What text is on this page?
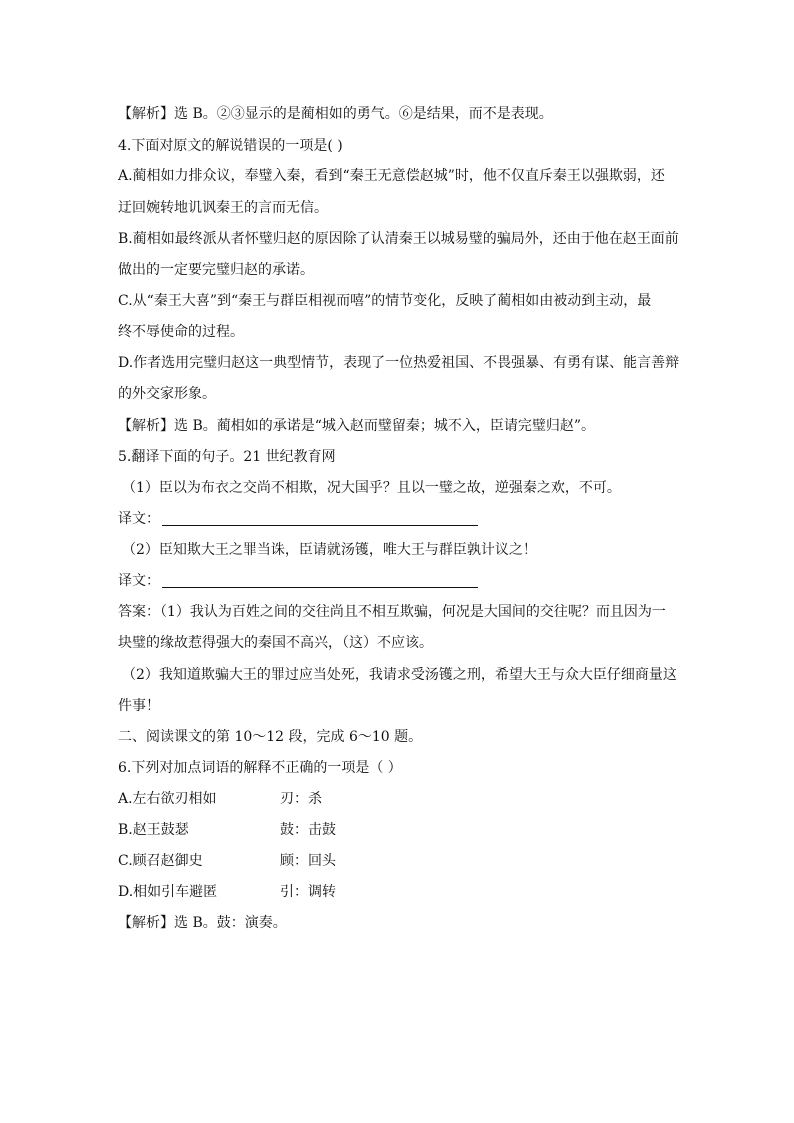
【解析】选 B。②③显示的是蔺相如的勇气。⑥是结果，而不是表现。
4.下面对原文的解说错误的一项是( )
A.蔺相如力排众议，奉璧入秦，看到“秦王无意偿赵城”时，他不仅直斥秦王以强欺弱，还
迂回婉转地讥讽秦王的言而无信。
B.蔺相如最终派从者怀璧归赵的原因除了认清秦王以城易璧的骗局外，还由于他在赵王面前
做出的一定要完璧归赵的承诺。
C.从“秦王大喜”到“秦王与群臣相视而嘻”的情节变化，反映了蔺相如由被动到主动，最
终不辱使命的过程。
D.作者选用完璧归赵这一典型情节，表现了一位热爱祖国、不畏强暴、有勇有谋、能言善辩
的外交家形象。
【解析】选 B。蔺相如的承诺是“城入赵而璧留秦；城不入，臣请完璧归赵”。
5.翻译下面的句子。21 世纪教育网
（1）臣以为布衣之交尚不相欺，况大国乎？且以一璧之故，逆强秦之欢，不可。
译文：
（2）臣知欺大王之罪当诛，臣请就汤镬，唯大王与群臣孰计议之！
译文：
答案：（1）我认为百姓之间的交往尚且不相互欺骗，何况是大国间的交往呢？而且因为一
块璧的缘故惹得强大的秦国不高兴，（这）不应该。
（2）我知道欺骗大王的罪过应当处死，我请求受汤镬之刑，希望大王与众大臣仔细商量这
件事！
二、阅读课文的第 10～12 段，完成 6～10 题。
6.下列对加点词语的解释不正确的一项是（ ）
A.左右欲刃相如	刃：杀
B.赵王鼓瑟	鼓：击鼓
C.顾召赵御史	顾：回头
D.相如引车避匿	引：调转
【解析】选 B。鼓：演奏。
